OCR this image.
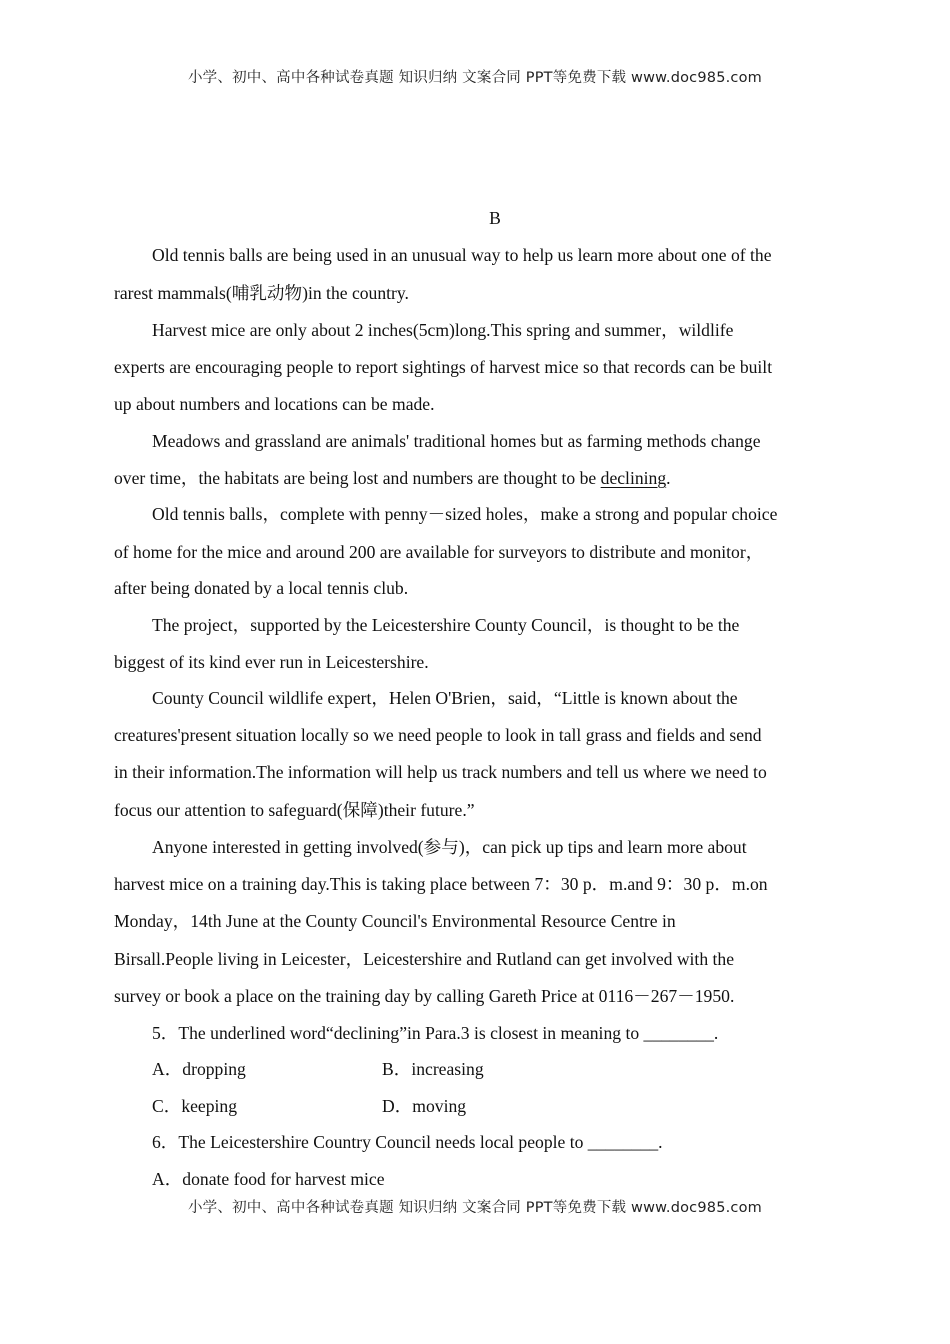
小学、初中、高中各种试卷真题 知识归纳 文案合同 PPT等免费下载 www.doc985.com
B
Old tennis balls are being used in an unusual way to help us learn more about one of the
rarest mammals(哺乳动物)in the country.
Harvest mice are only about 2 inches(5cm)long.This spring and summer，wildlife
experts are encouraging people to report sightings of harvest mice so that records can be built
up about numbers and locations can be made.
Meadows and grassland are animals' traditional homes but as farming methods change
over time，the habitats are being lost and numbers are thought to be declining.
Old tennis balls，complete with penny－sized holes，make a strong and popular choice
of home for the mice and around 200 are available for surveyors to distribute and monitor，
after being donated by a local tennis club.
The project，supported by the Leicestershire County Council，is thought to be the
biggest of its kind ever run in Leicestershire.
County Council wildlife expert，Helen O'Brien，said，“Little is known about the
creatures'present situation locally so we need people to look in tall grass and fields and send
in their information.The information will help us track numbers and tell us where we need to
focus our attention to safeguard(保障)their future.”
Anyone interested in getting involved(参与)，can pick up tips and learn more about
harvest mice on a training day.This is taking place between 7：30 p．m.and 9：30 p．m.on
Monday，14th June at the County Council's Environmental Resource Centre in
Birsall.People living in Leicester，Leicestershire and Rutland can get involved with the
survey or book a place on the training day by calling Gareth Price at 0116－267－1950.
5．The underlined word“declining”in Para.3 is closest in meaning to ________.
A．dropping	B．increasing
C．keeping	D．moving
6．The Leicestershire Country Council needs local people to ________.
A．donate food for harvest mice
小学、初中、高中各种试卷真题 知识归纳 文案合同 PPT等免费下载 www.doc985.com
